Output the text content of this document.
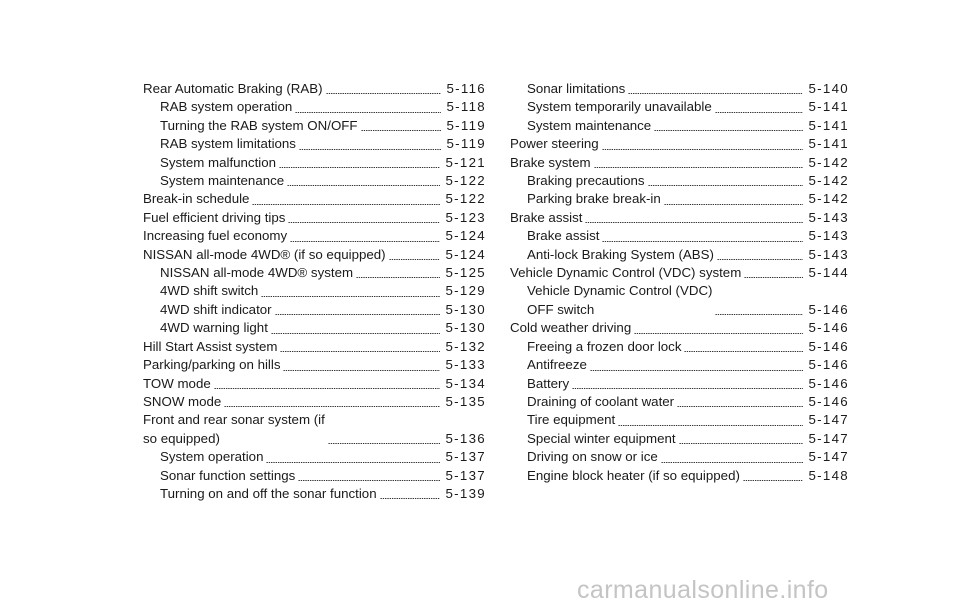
Rear Automatic Braking (RAB)	5-116
RAB system operation	5-118
Turning the RAB system ON/OFF	5-119
RAB system limitations	5-119
System malfunction	5-121
System maintenance	5-122
Break-in schedule	5-122
Fuel efficient driving tips	5-123
Increasing fuel economy	5-124
NISSAN all-mode 4WD® (if so equipped)	5-124
NISSAN all-mode 4WD® system	5-125
4WD shift switch	5-129
4WD shift indicator	5-130
4WD warning light	5-130
Hill Start Assist system	5-132
Parking/parking on hills	5-133
TOW mode	5-134
SNOW mode	5-135
Front and rear sonar system (if
so equipped)	5-136
System operation	5-137
Sonar function settings	5-137
Turning on and off the sonar function	5-139
Sonar limitations	5-140
System temporarily unavailable	5-141
System maintenance	5-141
Power steering	5-141
Brake system	5-142
Braking precautions	5-142
Parking brake break-in	5-142
Brake assist	5-143
Brake assist	5-143
Anti-lock Braking System (ABS)	5-143
Vehicle Dynamic Control (VDC) system	5-144
Vehicle Dynamic Control (VDC)
OFF switch	5-146
Cold weather driving	5-146
Freeing a frozen door lock	5-146
Antifreeze	5-146
Battery	5-146
Draining of coolant water	5-146
Tire equipment	5-147
Special winter equipment	5-147
Driving on snow or ice	5-147
Engine block heater (if so equipped)	5-148
carmanualsonline.info
